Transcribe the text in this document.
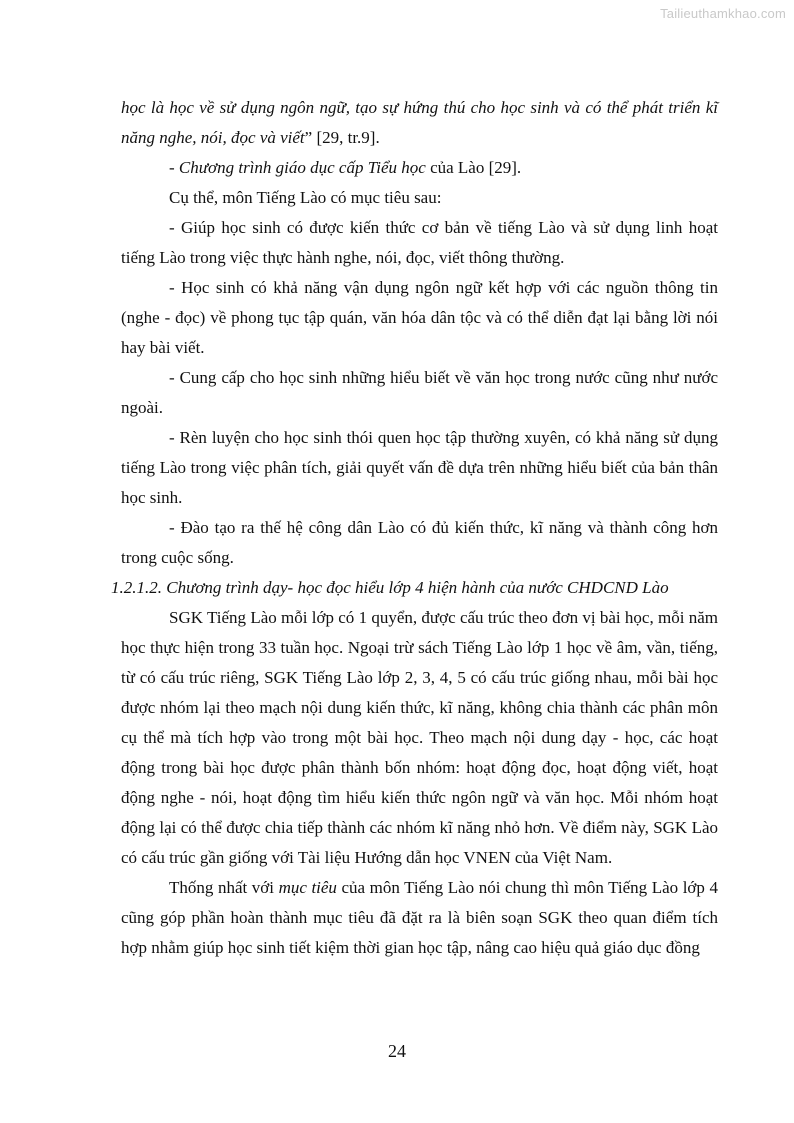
Tailieuthamkhao.com

học là học về sử dụng ngôn ngữ, tạo sự hứng thú cho học sinh và có thể phát triển kĩ năng nghe, nói, đọc và viết” [29, tr.9].

- Chương trình giáo dục cấp Tiểu học của Lào [29].

Cụ thể, môn Tiếng Lào có mục tiêu sau:

- Giúp học sinh có được kiến thức cơ bản về tiếng Lào và sử dụng linh hoạt tiếng Lào trong việc thực hành nghe, nói, đọc, viết thông thường.

- Học sinh có khả năng vận dụng ngôn ngữ kết hợp với các nguồn thông tin (nghe - đọc) về phong tục tập quán, văn hóa dân tộc và có thể diễn đạt lại bằng lời nói hay bài viết.

- Cung cấp cho học sinh những hiểu biết về văn học trong nước cũng như nước ngoài.

- Rèn luyện cho học sinh thói quen học tập thường xuyên, có khả năng sử dụng tiếng Lào trong việc phân tích, giải quyết vấn đề dựa trên những hiểu biết của bản thân học sinh.

- Đào tạo ra thế hệ công dân Lào có đủ kiến thức, kĩ năng và thành công hơn trong cuộc sống.

1.2.1.2. Chương trình dạy- học đọc hiểu lớp 4 hiện hành của nước CHDCND Lào

SGK Tiếng Lào mỗi lớp có 1 quyển, được cấu trúc theo đơn vị bài học, mỗi năm học thực hiện trong 33 tuần học. Ngoại trừ sách Tiếng Lào lớp 1 học về âm, vần, tiếng, từ có cấu trúc riêng, SGK Tiếng Lào lớp 2, 3, 4, 5 có cấu trúc giống nhau, mỗi bài học được nhóm lại theo mạch nội dung kiến thức, kĩ năng, không chia thành các phân môn cụ thể mà tích hợp vào trong một bài học. Theo mạch nội dung dạy - học, các hoạt động trong bài học được phân thành bốn nhóm: hoạt động đọc, hoạt động viết, hoạt động nghe - nói, hoạt động tìm hiểu kiến thức ngôn ngữ và văn học. Mỗi nhóm hoạt động lại có thể được chia tiếp thành các nhóm kĩ năng nhỏ hơn. Về điểm này, SGK Lào có cấu trúc gần giống với Tài liệu Hướng dẫn học VNEN của Việt Nam.

Thống nhất với mục tiêu của môn Tiếng Lào nói chung thì môn Tiếng Lào lớp 4 cũng góp phần hoàn thành mục tiêu đã đặt ra là biên soạn SGK theo quan điểm tích hợp nhằm giúp học sinh tiết kiệm thời gian học tập, nâng cao hiệu quả giáo dục đồng

24
